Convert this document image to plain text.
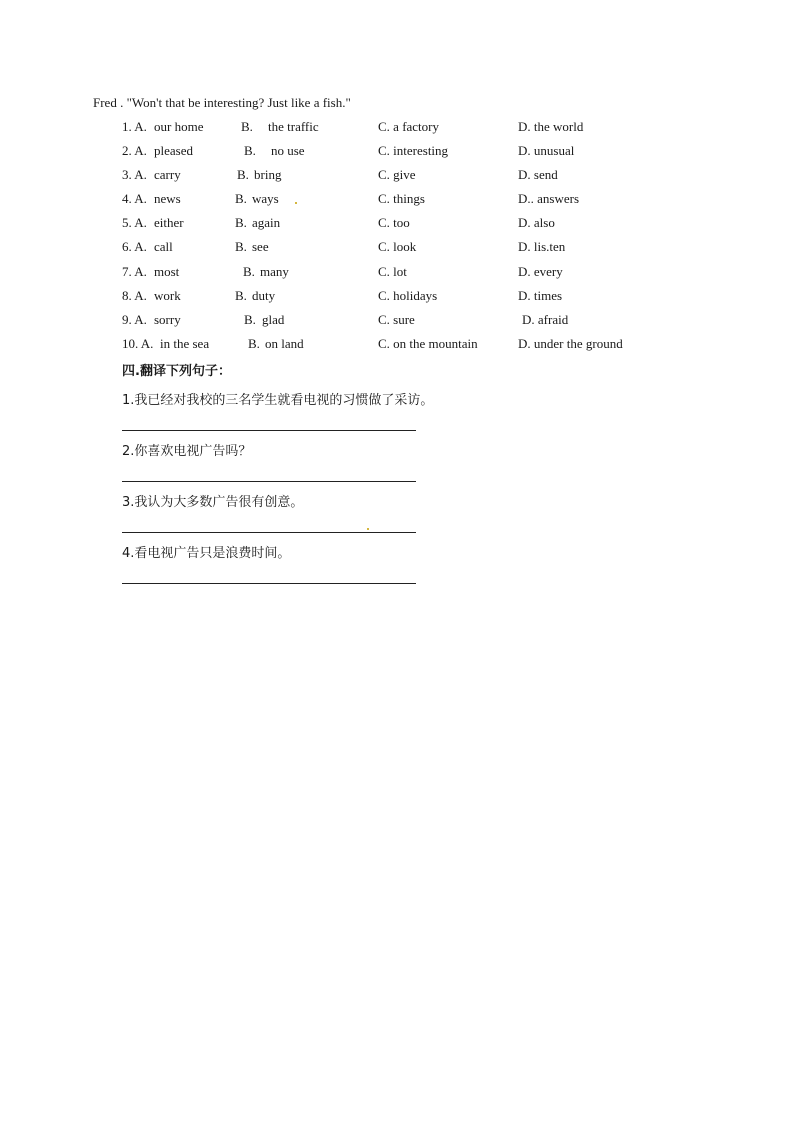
Fred . "Won't that be interesting? Just like a fish."
1. A. our home	B. the traffic	C. a factory	D. the world
2. A. pleased	B. no use	C. interesting	D. unusual
3. A. carry	B. bring	C. give	D. send
4. A. news	B. ways	C. things	D.. answers
5. A. either	B. again	C. too	D. also
6. A. call	B. see	C. look	D. lis.ten
7. A. most	B. many	C. lot	D. every
8. A. work	B. duty	C. holidays	D. times
9. A. sorry	B. glad	C. sure	D. afraid
10. A. in the sea	B. on land	C. on the mountain	D. under the ground
四.翻译下列句子：
1.我已经对我校的三名学生就看电视的习惯做了采访。
2.你喜欢电视广告吗？
3.我认为大多数广告很有创意。
4.看电视广告只是浪费时间。
